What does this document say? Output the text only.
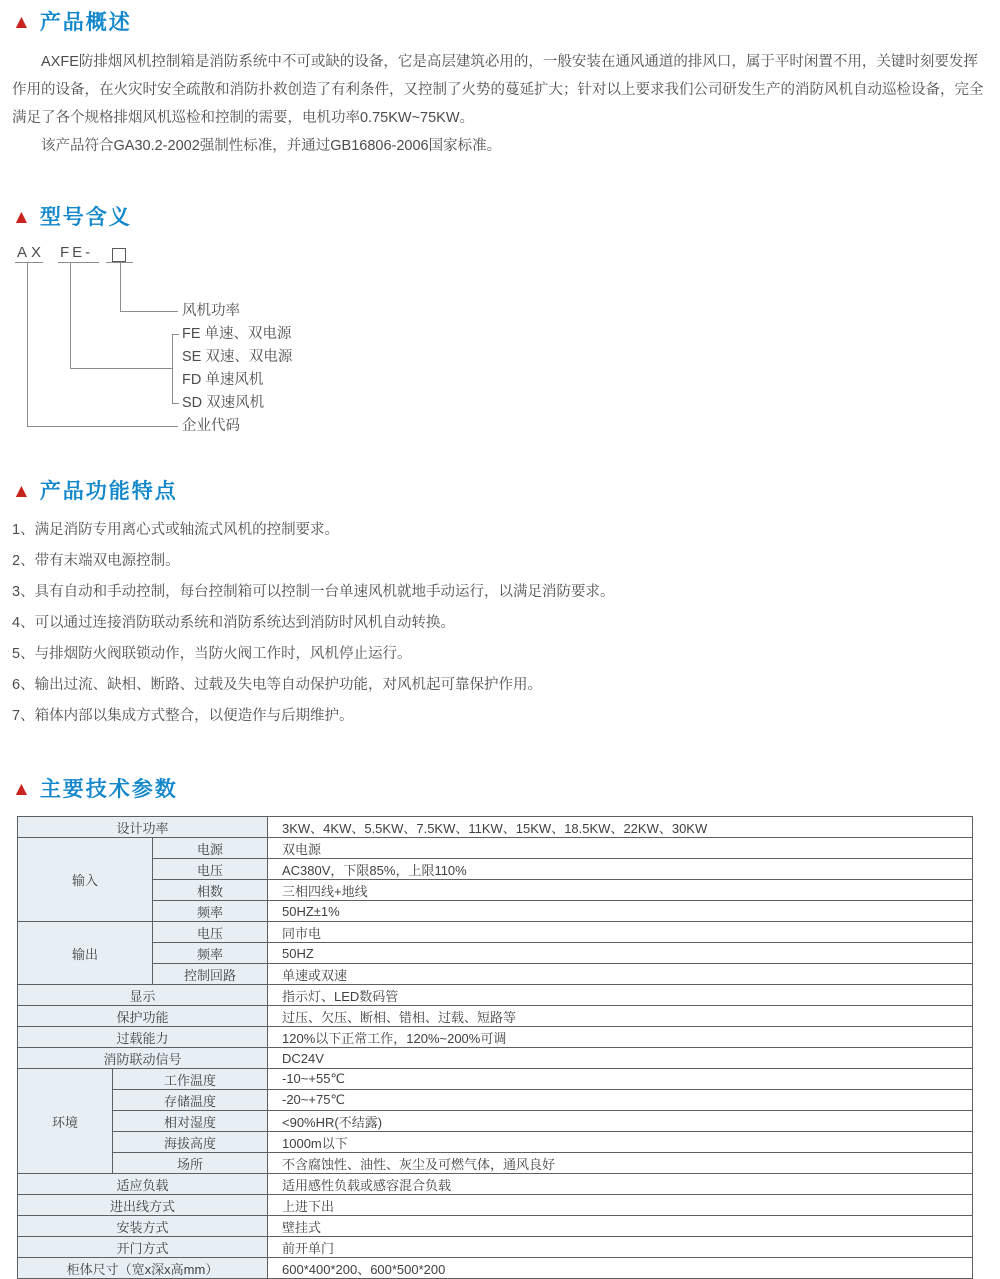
▲ 产品概述

AXFE防排烟风机控制箱是消防系统中不可或缺的设备，它是高层建筑必用的，一般安装在通风通道的排风口，属于平时闲置不用，关键时刻要发挥作用的设备，在火灾时安全疏散和消防扑救创造了有利条件，又控制了火势的蔓延扩大；针对以上要求我们公司研发生产的消防风机自动巡检设备，完全满足了各个规格排烟风机巡检和控制的需要，电机功率0.75KW~75KW。

该产品符合GA30.2-2002强制性标准，并通过GB16806-2006国家标准。

▲ 型号含义
AX FE-
风机功率
FE 单速、双电源
SE 双速、双电源
FD 单速风机
SD 双速风机
企业代码
▲ 产品功能特点

1、满足消防专用离心式或轴流式风机的控制要求。

2、带有末端双电源控制。

3、具有自动和手动控制，每台控制箱可以控制一台单速风机就地手动运行，以满足消防要求。

4、可以通过连接消防联动系统和消防系统达到消防时风机自动转换。

5、与排烟防火阀联锁动作，当防火阀工作时，风机停止运行。

6、输出过流、缺相、断路、过载及失电等自动保护功能，对风机起可靠保护作用。

7、箱体内部以集成方式整合，以便造作与后期维护。

▲ 主要技术参数
设计功率			3KW、4KW、5.5KW、7.5KW、11KW、15KW、18.5KW、22KW、30KW
输入		电源	双电源
		电压	AC380V，下限85%，上限110%
		相数	三相四线+地线
		频率	50HZ±1%
输出		电压	同市电
		频率	50HZ
		控制回路	单速或双速
显示			指示灯、LED数码管
保护功能			过压、欠压、断相、错相、过载、短路等
过载能力			120%以下正常工作，120%~200%可调
消防联动信号			DC24V
环境	工作温度		-10~+55℃
	存储温度		-20~+75℃
	相对湿度		<90%HR(不结露)
	海拔高度		1000m以下
	场所		不含腐蚀性、油性、灰尘及可燃气体，通风良好
适应负载			适用感性负载或感容混合负载
进出线方式			上进下出
安装方式			壁挂式
开门方式			前开单门
柜体尺寸（宽x深x高mm）			600*400*200、600*500*200
